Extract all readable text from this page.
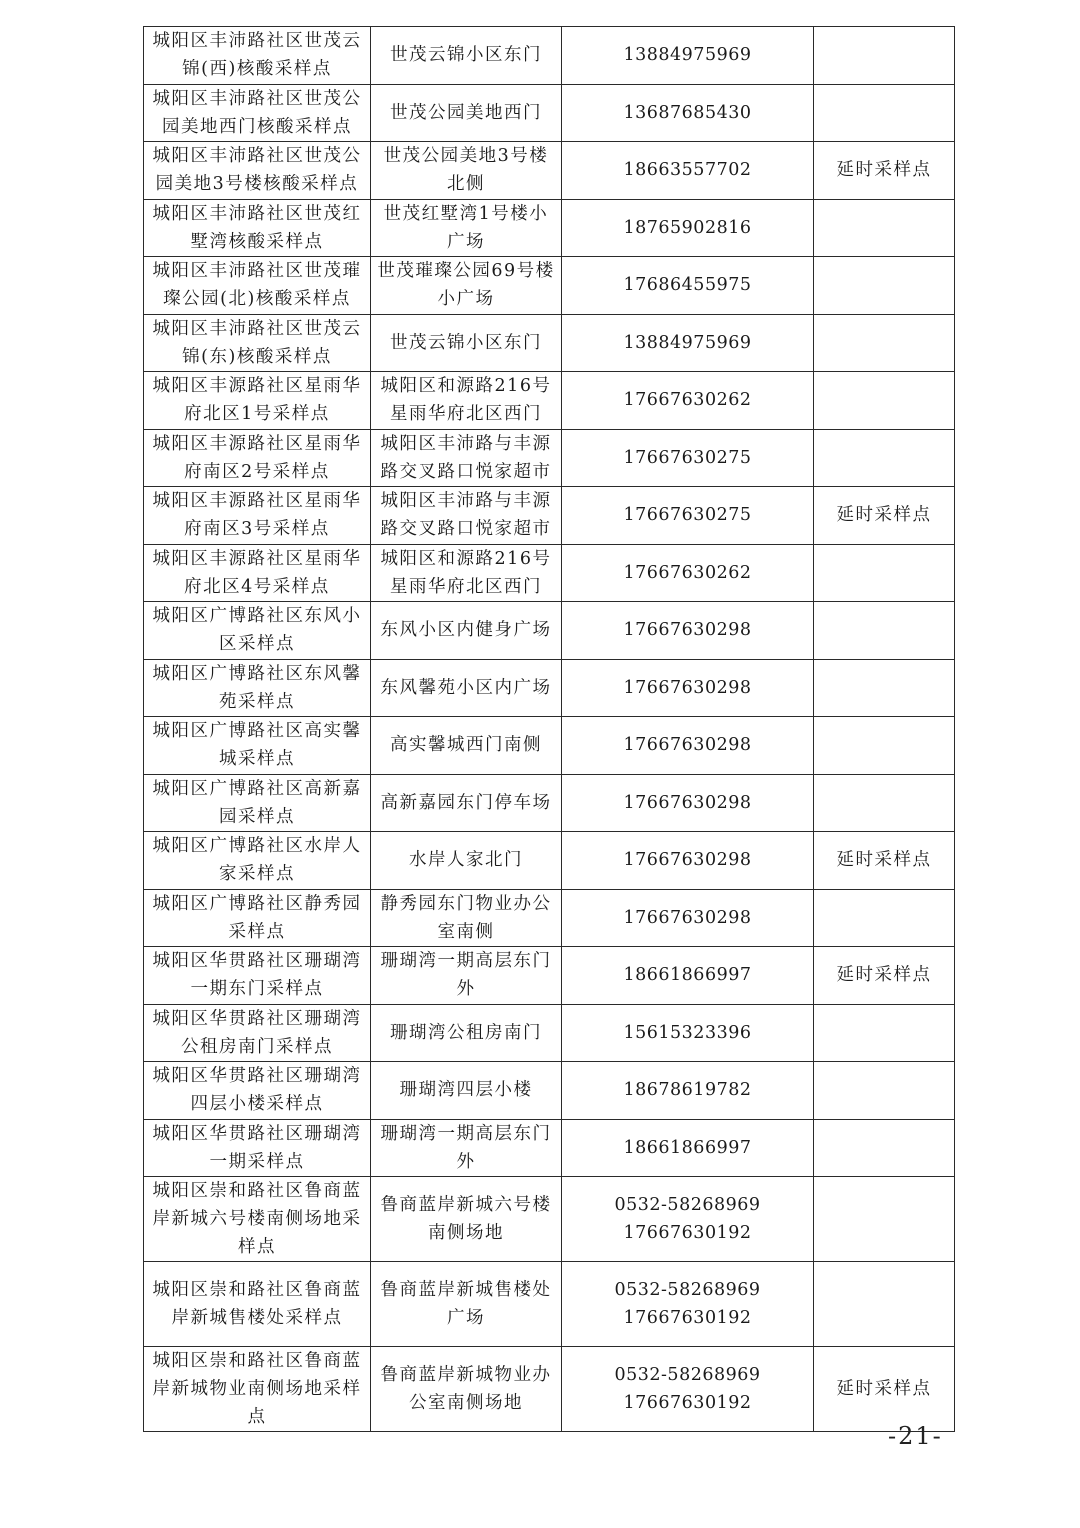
城阳区丰沛路社区世茂云锦(西)核酸采样点	世茂云锦小区东门	13884975969	

城阳区丰沛路社区世茂公园美地西门核酸采样点	世茂公园美地西门	13687685430	

城阳区丰沛路社区世茂公园美地3号楼核酸采样点	世茂公园美地3号楼北侧	18663557702	延时采样点
城阳区丰沛路社区世茂红墅湾核酸采样点	世茂红墅湾1号楼小广场	18765902816	

城阳区丰沛路社区世茂璀璨公园(北)核酸采样点	世茂璀璨公园69号楼小广场	17686455975	

城阳区丰沛路社区世茂云锦(东)核酸采样点	世茂云锦小区东门	13884975969	

城阳区丰源路社区星雨华府北区1号采样点	城阳区和源路216号星雨华府北区西门	17667630262	

城阳区丰源路社区星雨华府南区2号采样点	城阳区丰沛路与丰源路交叉路口悦家超市	17667630275	

城阳区丰源路社区星雨华府南区3号采样点	城阳区丰沛路与丰源路交叉路口悦家超市	17667630275	延时采样点
城阳区丰源路社区星雨华府北区4号采样点	城阳区和源路216号星雨华府北区西门	17667630262	

城阳区广博路社区东风小区采样点	东风小区内健身广场	17667630298	

城阳区广博路社区东风馨苑采样点	东风馨苑小区内广场	17667630298	

城阳区广博路社区高实馨城采样点	高实馨城西门南侧	17667630298	

城阳区广博路社区高新嘉园采样点	高新嘉园东门停车场	17667630298	

城阳区广博路社区水岸人家采样点	水岸人家北门	17667630298	延时采样点
城阳区广博路社区静秀园采样点	静秀园东门物业办公室南侧	17667630298	

城阳区华贯路社区珊瑚湾一期东门采样点	珊瑚湾一期高层东门外	18661866997	延时采样点
城阳区华贯路社区珊瑚湾公租房南门采样点	珊瑚湾公租房南门	15615323396	

城阳区华贯路社区珊瑚湾四层小楼采样点	珊瑚湾四层小楼	18678619782	

城阳区华贯路社区珊瑚湾一期采样点	珊瑚湾一期高层东门外	18661866997	

城阳区崇和路社区鲁商蓝岸新城六号楼南侧场地采样点	鲁商蓝岸新城六号楼南侧场地	0532-58268969
17667630192	

城阳区崇和路社区鲁商蓝岸新城售楼处采样点	鲁商蓝岸新城售楼处广场	0532-58268969
17667630192	

城阳区崇和路社区鲁商蓝岸新城物业南侧场地采样点	鲁商蓝岸新城物业办公室南侧场地	0532-58268969
17667630192	延时采样点
-21-
